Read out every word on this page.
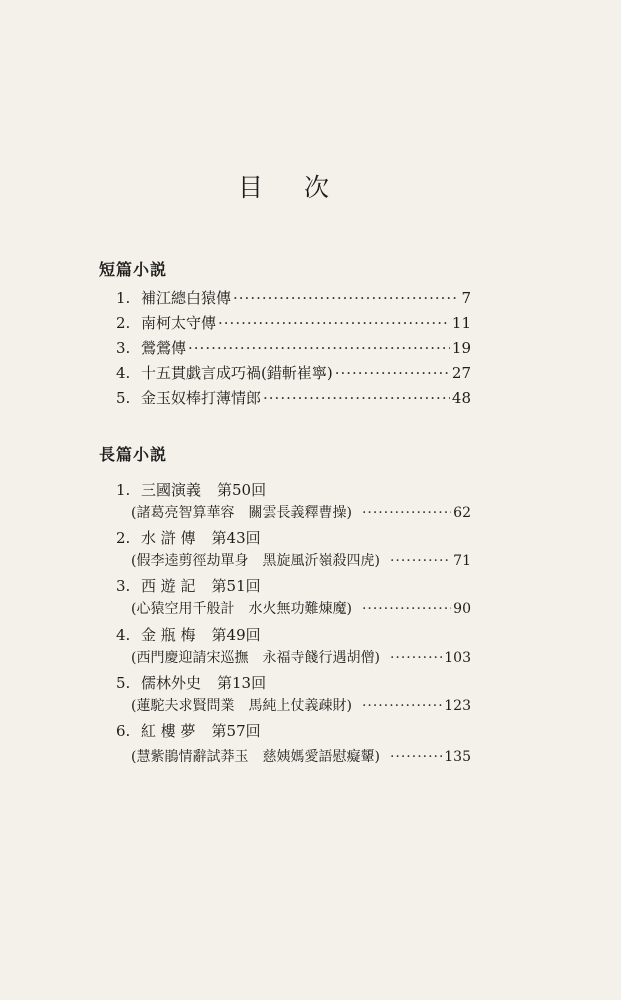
目 次
短篇小説
1. 補江總白猿傳 ·····	7
2. 南柯太守傳 ·····	11
3. 鶯鶯傳 ·····	19
4. 十五貫戯言成巧禍(錯斬崔寧) ·····	27
5. 金玉奴棒打薄情郎 ·····	48
長篇小説
1. 三國演義 第50回
(諸葛亮智算華容　關雲長義釋曹操) ·····	62
2. 水 滸 傳 第43回
(假李逵剪徑劫單身　黑旋風沂嶺殺四虎) ·····	71
3. 西 遊 記 第51回
(心猿空用千般計　水火無功難煉魔) ·····	90
4. 金 瓶 梅 第49回
(西門慶迎請宋巡撫　永福寺餞行遇胡僧) ·····	103
5. 儒林外史 第13回
(蓮駝夫求賢問業　馬純上仗義疎財) ·····	123
6. 紅 樓 夢 第57回
(慧紫鵑情辭試莽玉　慈姨媽愛語慰癡顰) ·····	135
